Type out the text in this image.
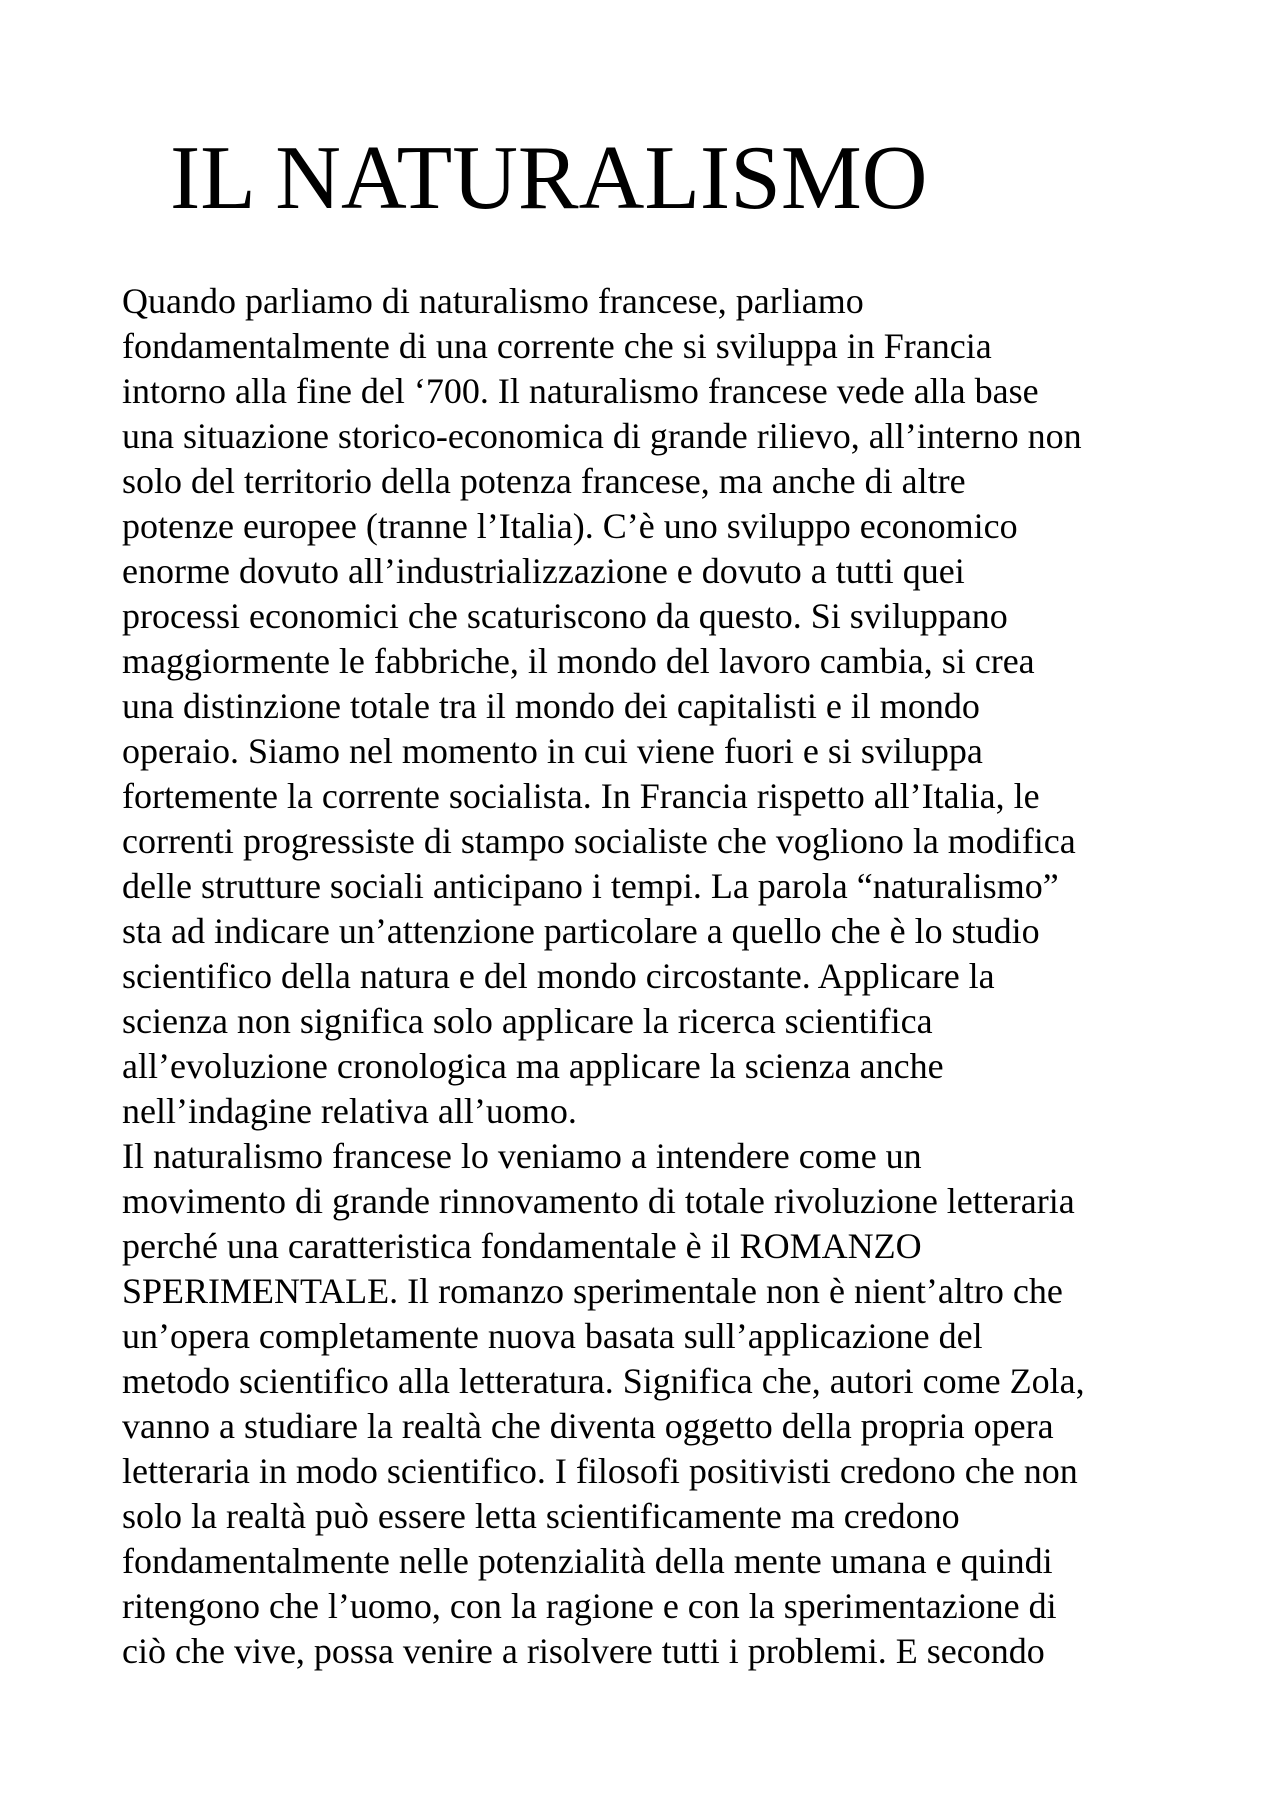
IL NATURALISMO
Quando parliamo di naturalismo francese, parliamo
fondamentalmente di una corrente che si sviluppa in Francia
intorno alla fine del ‘700. Il naturalismo francese vede alla base
una situazione storico-economica di grande rilievo, all’interno non
solo del territorio della potenza francese, ma anche di altre
potenze europee (tranne l’Italia). C’è uno sviluppo economico
enorme dovuto all’industrializzazione e dovuto a tutti quei
processi economici che scaturiscono da questo. Si sviluppano
maggiormente le fabbriche, il mondo del lavoro cambia, si crea
una distinzione totale tra il mondo dei capitalisti e il mondo
operaio. Siamo nel momento in cui viene fuori e si sviluppa
fortemente la corrente socialista. In Francia rispetto all’Italia, le
correnti progressiste di stampo socialiste che vogliono la modifica
delle strutture sociali anticipano i tempi. La parola “naturalismo”
sta ad indicare un’attenzione particolare a quello che è lo studio
scientifico della natura e del mondo circostante. Applicare la
scienza non significa solo applicare la ricerca scientifica
all’evoluzione cronologica ma applicare la scienza anche
nell’indagine relativa all’uomo.
Il naturalismo francese lo veniamo a intendere come un
movimento di grande rinnovamento di totale rivoluzione letteraria
perché una caratteristica fondamentale è il ROMANZO
SPERIMENTALE. Il romanzo sperimentale non è nient’altro che
un’opera completamente nuova basata sull’applicazione del
metodo scientifico alla letteratura. Significa che, autori come Zola,
vanno a studiare la realtà che diventa oggetto della propria opera
letteraria in modo scientifico. I filosofi positivisti credono che non
solo la realtà può essere letta scientificamente ma credono
fondamentalmente nelle potenzialità della mente umana e quindi
ritengono che l’uomo, con la ragione e con la sperimentazione di
ciò che vive, possa venire a risolvere tutti i problemi. E secondo
